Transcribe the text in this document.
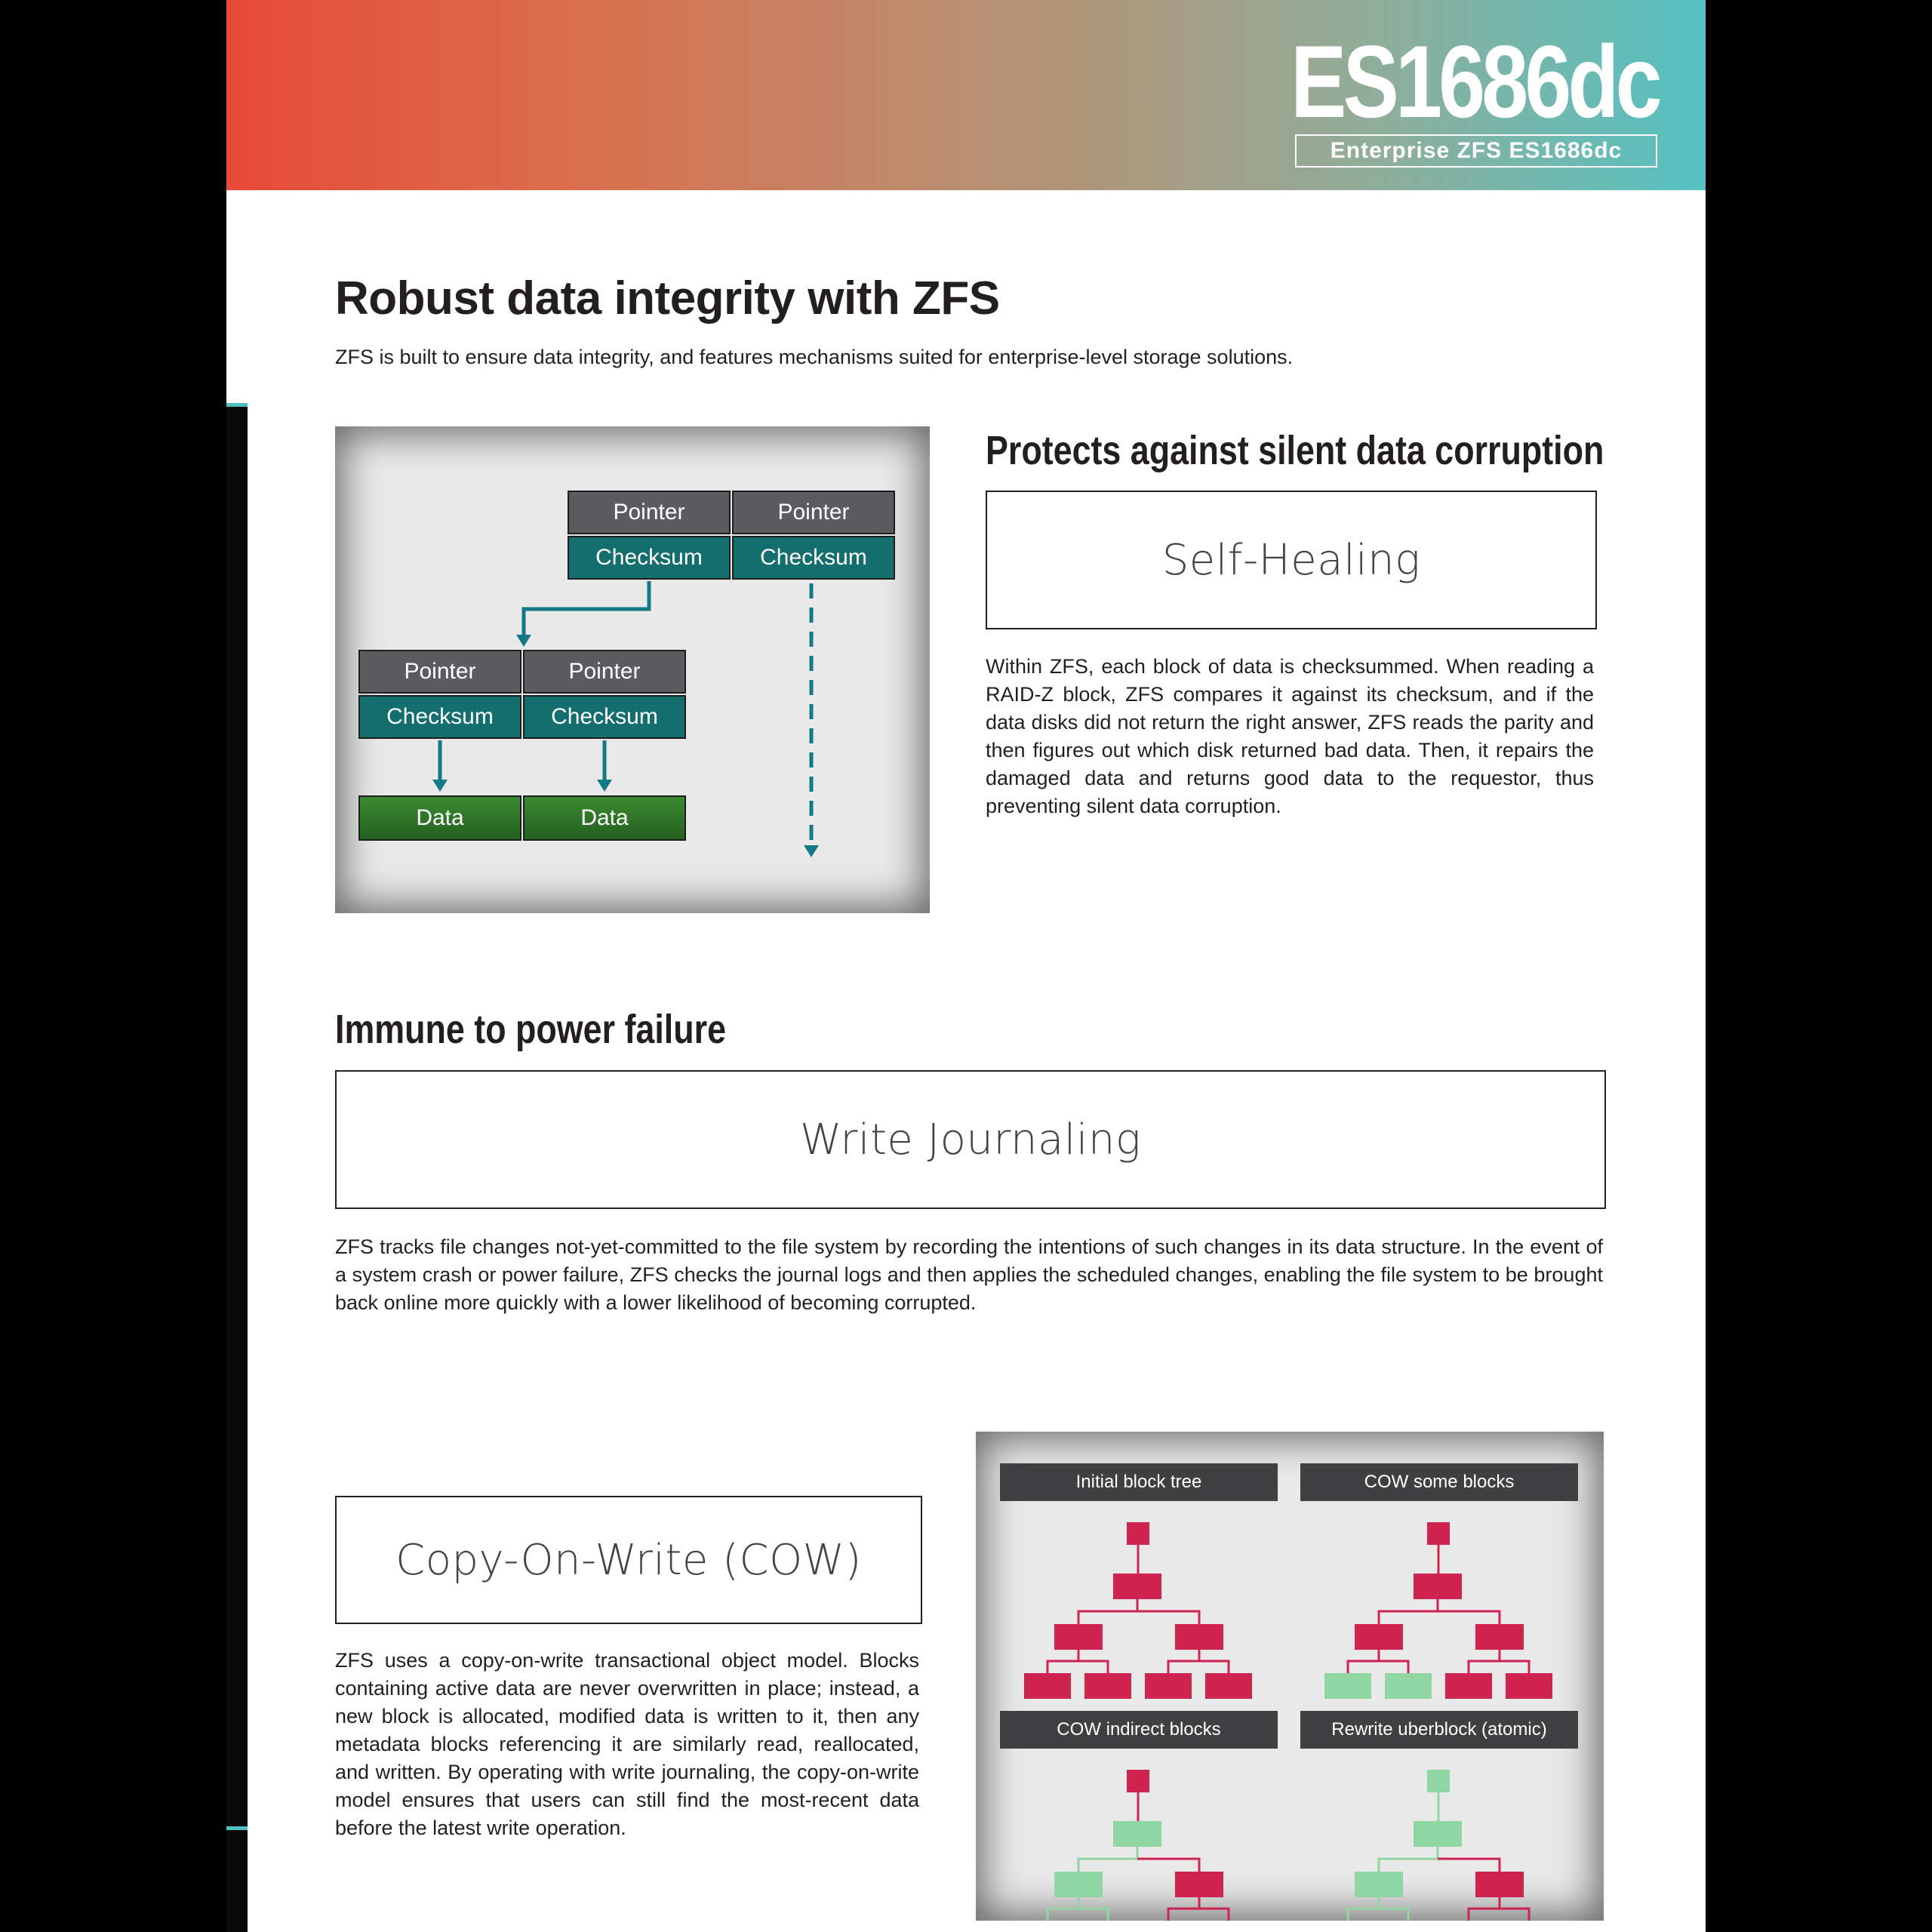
ES1686dc
Enterprise ZFS ES1686dc
Robust data integrity with ZFS
ZFS is built to ensure data integrity, and features mechanisms suited for enterprise-level storage solutions.
Pointer	Pointer
Checksum	Checksum
Pointer	Pointer
Checksum	Checksum
Data	Data
Protects against silent data corruption
Self-Healing

Within ZFS, each block of data is checksummed. When reading a RAID-Z block, ZFS compares it against its checksum, and if the data disks did not return the right answer, ZFS reads the parity and then figures out which disk returned bad data. Then, it repairs the damaged data and returns good data to the requestor, thus preventing silent data corruption.

Immune to power failure
Write Journaling

ZFS tracks file changes not-yet-committed to the file system by recording the intentions of such changes in its data structure. In the event of a system crash or power failure, ZFS checks the journal logs and then applies the scheduled changes, enabling the file system to be brought back online more quickly with a lower likelihood of becoming corrupted.

Copy-On-Write (COW)

ZFS uses a copy-on-write transactional object model. Blocks containing active data are never overwritten in place; instead, a new block is allocated, modified data is written to it, then any metadata blocks referencing it are similarly read, reallocated, and written. By operating with write journaling, the copy-on-write model ensures that users can still find the most-recent data before the latest write operation.

Initial block tree	COW some blocks
COW indirect blocks	Rewrite uberblock (atomic)
